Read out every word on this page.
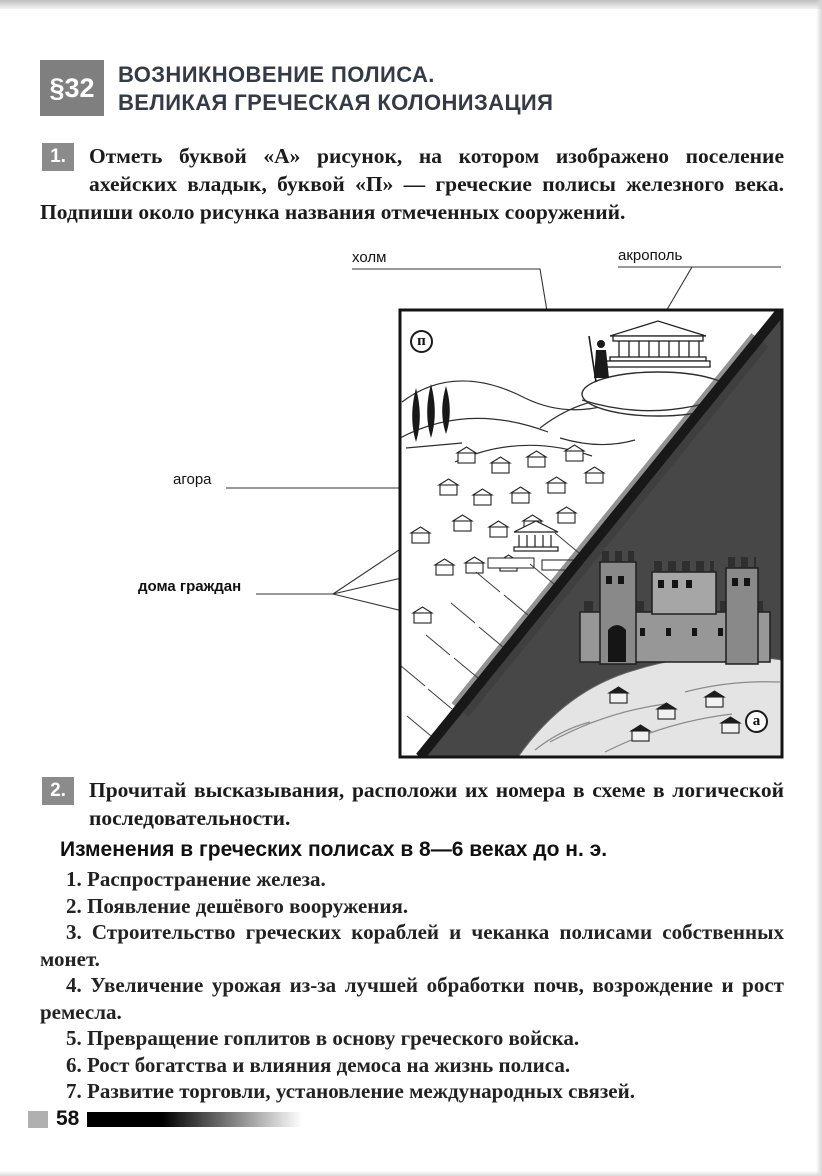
§32	ВОЗНИКНОВЕНИЕ ПОЛИСА.
ВЕЛИКАЯ ГРЕЧЕСКАЯ КОЛОНИЗАЦИЯ
1.	Отметь буквой «А» рисунок, на котором изображено поселение ахейских владык, буквой «П» — греческие полисы железного века. Подпиши около рисунка названия отмеченных сооружений.
холм	акрополь
агора
дома граждан
п
а
2.	Прочитай высказывания, расположи их номера в схеме в логической последовательности.
Изменения в греческих полисах в 8—6 веках до н. э.

1. Распространение железа.

2. Появление дешёвого вооружения.

3. Строительство греческих кораблей и чеканка полисами собственных монет.

4. Увеличение урожая из-за лучшей обработки почв, возрождение и рост ремесла.

5. Превращение гоплитов в основу греческого войска.

6. Рост богатства и влияния демоса на жизнь полиса.

7. Развитие торговли, установление международных связей.

58
